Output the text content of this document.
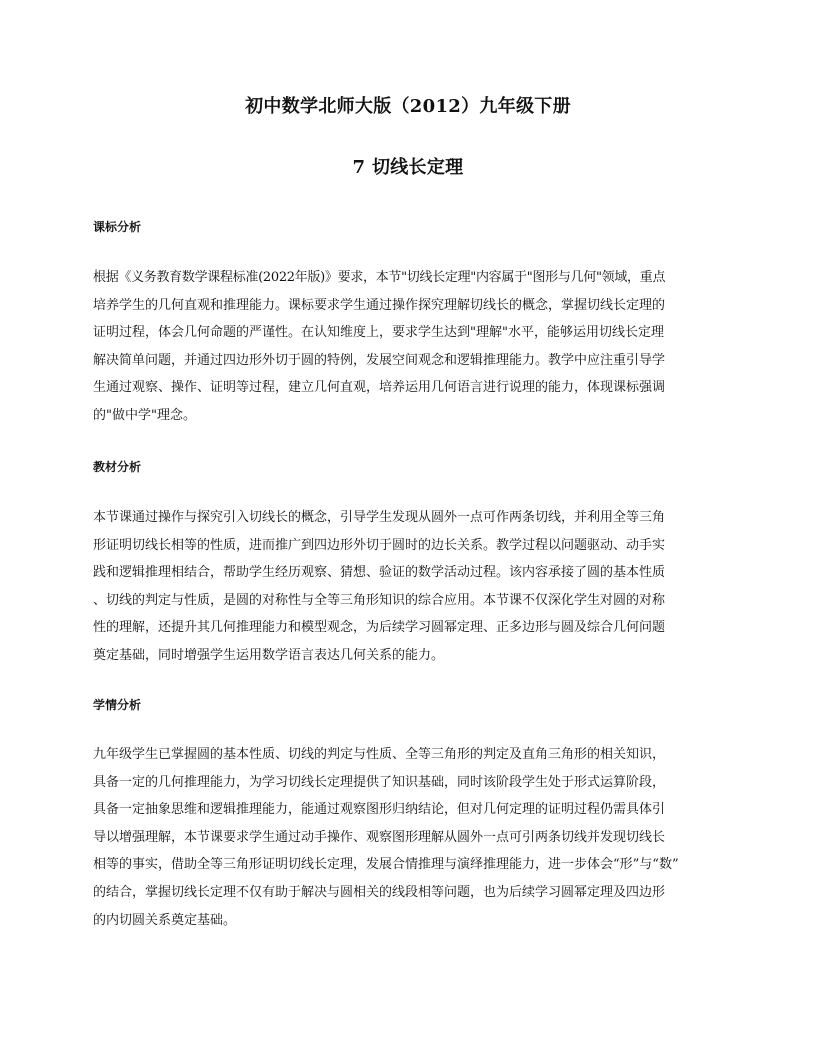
初中数学北师大版（2012）九年级下册
7 切线长定理
课标分析
根据《义务教育数学课程标准(2022年版)》要求，本节"切线长定理"内容属于"图形与几何"领域，重点
培养学生的几何直观和推理能力。课标要求学生通过操作探究理解切线长的概念，掌握切线长定理的
证明过程，体会几何命题的严谨性。在认知维度上，要求学生达到"理解"水平，能够运用切线长定理
解决简单问题，并通过四边形外切于圆的特例，发展空间观念和逻辑推理能力。教学中应注重引导学
生通过观察、操作、证明等过程，建立几何直观，培养运用几何语言进行说理的能力，体现课标强调
的"做中学"理念。
教材分析
本节课通过操作与探究引入切线长的概念，引导学生发现从圆外一点可作两条切线，并利用全等三角
形证明切线长相等的性质，进而推广到四边形外切于圆时的边长关系。教学过程以问题驱动、动手实
践和逻辑推理相结合，帮助学生经历观察、猜想、验证的数学活动过程。该内容承接了圆的基本性质
、切线的判定与性质，是圆的对称性与全等三角形知识的综合应用。本节课不仅深化学生对圆的对称
性的理解，还提升其几何推理能力和模型观念，为后续学习圆幂定理、正多边形与圆及综合几何问题
奠定基础，同时增强学生运用数学语言表达几何关系的能力。
学情分析
九年级学生已掌握圆的基本性质、切线的判定与性质、全等三角形的判定及直角三角形的相关知识，
具备一定的几何推理能力，为学习切线长定理提供了知识基础，同时该阶段学生处于形式运算阶段，
具备一定抽象思维和逻辑推理能力，能通过观察图形归纳结论，但对几何定理的证明过程仍需具体引
导以增强理解，本节课要求学生通过动手操作、观察图形理解从圆外一点可引两条切线并发现切线长
相等的事实，借助全等三角形证明切线长定理，发展合情推理与演绎推理能力，进一步体会“形”与“数”
的结合，掌握切线长定理不仅有助于解决与圆相关的线段相等问题，也为后续学习圆幂定理及四边形
的内切圆关系奠定基础。
